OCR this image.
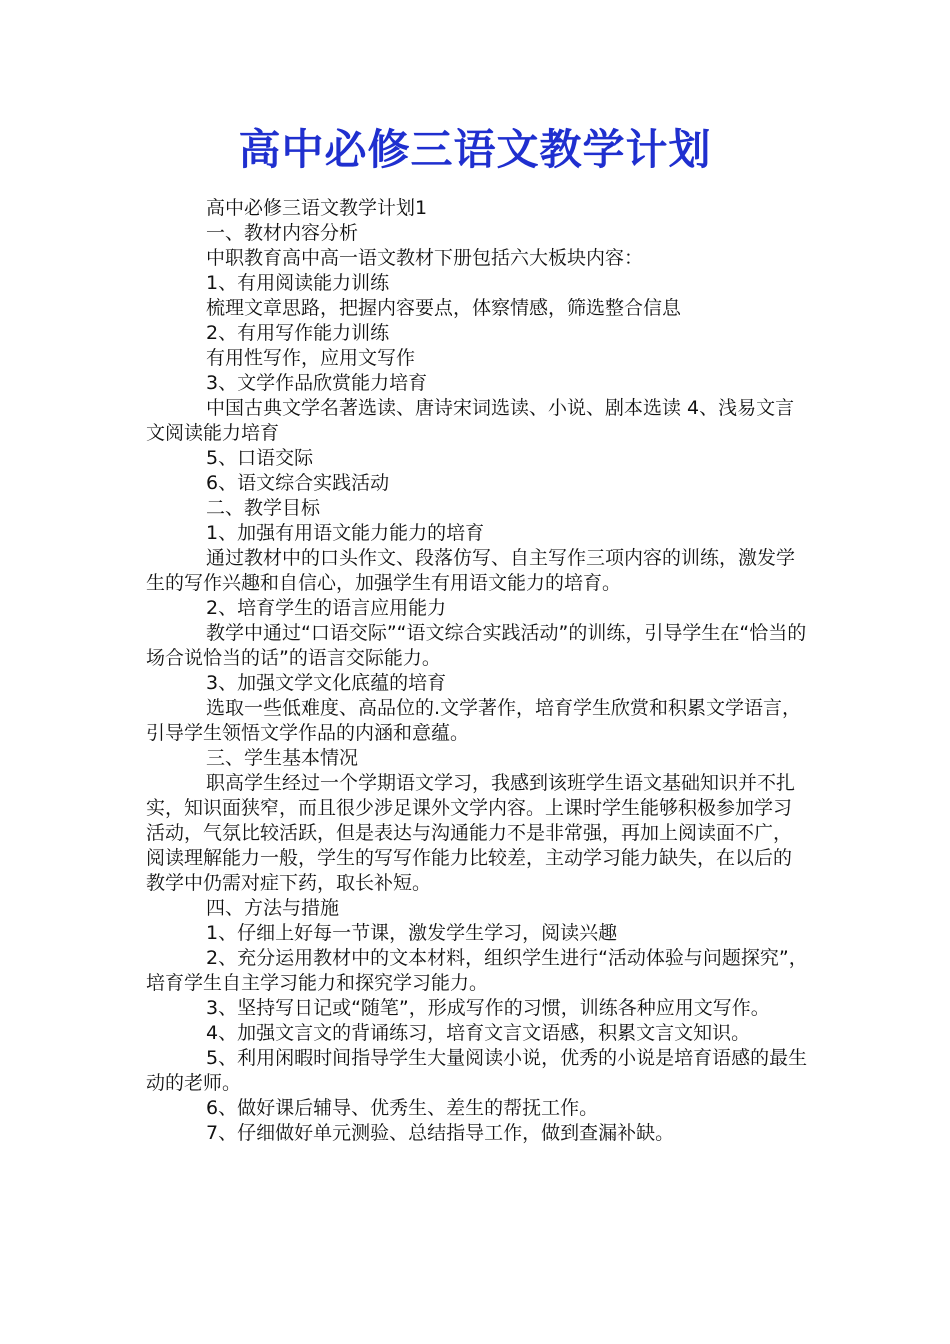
高中必修三语文教学计划

高中必修三语文教学计划1

一、教材内容分析

中职教育高中高一语文教材下册包括六大板块内容：

1、有用阅读能力训练

梳理文章思路，把握内容要点，体察情感，筛选整合信息

2、有用写作能力训练

有用性写作，应用文写作

3、文学作品欣赏能力培育

中国古典文学名著选读、唐诗宋词选读、小说、剧本选读 4、浅易文言文阅读能力培育

5、口语交际

6、语文综合实践活动

二、教学目标

1、加强有用语文能力能力的培育

通过教材中的口头作文、段落仿写、自主写作三项内容的训练，激发学生的写作兴趣和自信心，加强学生有用语文能力的培育。

2、培育学生的语言应用能力

教学中通过“口语交际”“语文综合实践活动”的训练，引导学生在“恰当的场合说恰当的话”的语言交际能力。

3、加强文学文化底蕴的培育

选取一些低难度、高品位的.文学著作，培育学生欣赏和积累文学语言，引导学生领悟文学作品的内涵和意蕴。

三、学生基本情况

职高学生经过一个学期语文学习，我感到该班学生语文基础知识并不扎实，知识面狭窄，而且很少涉足课外文学内容。上课时学生能够积极参加学习活动，气氛比较活跃，但是表达与沟通能力不是非常强，再加上阅读面不广，阅读理解能力一般，学生的写写作能力比较差，主动学习能力缺失，在以后的教学中仍需对症下药，取长补短。

四、方法与措施

1、仔细上好每一节课，激发学生学习，阅读兴趣

2、充分运用教材中的文本材料，组织学生进行“活动体验与问题探究”，培育学生自主学习能力和探究学习能力。

3、坚持写日记或“随笔”，形成写作的习惯，训练各种应用文写作。

4、加强文言文的背诵练习，培育文言文语感，积累文言文知识。

5、利用闲暇时间指导学生大量阅读小说，优秀的小说是培育语感的最生动的老师。

6、做好课后辅导、优秀生、差生的帮抚工作。

7、仔细做好单元测验、总结指导工作，做到查漏补缺。
